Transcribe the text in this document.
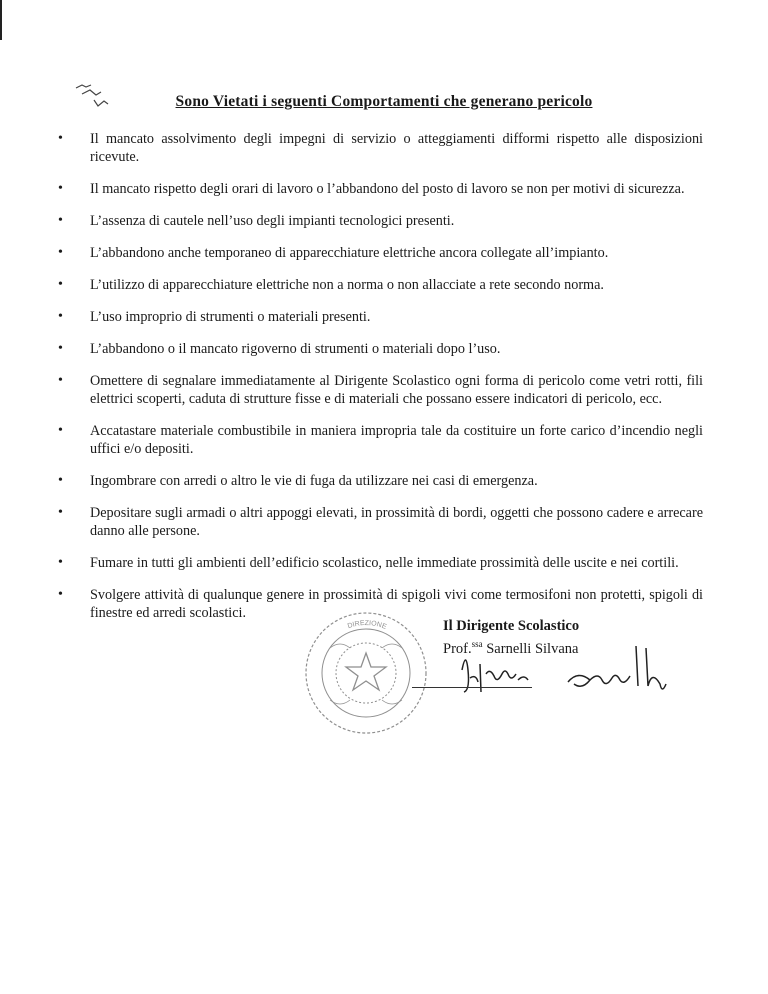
Sono Vietati i seguenti Comportamenti che generano pericolo
• Il mancato assolvimento degli impegni di servizio o atteggiamenti difformi rispetto alle disposizioni ricevute.
• Il mancato rispetto degli orari di lavoro o l’abbandono del posto di lavoro se non per motivi di sicurezza.
• L’assenza di cautele nell’uso degli impianti tecnologici presenti.
• L’abbandono anche temporaneo di apparecchiature elettriche ancora collegate all’impianto.
• L’utilizzo di apparecchiature elettriche non a norma o non allacciate a rete secondo norma.
• L’uso improprio di strumenti o materiali presenti.
• L’abbandono o il mancato rigoverno di strumenti o materiali dopo l’uso.
• Omettere di segnalare immediatamente al Dirigente Scolastico ogni forma di pericolo come vetri rotti, fili elettrici scoperti, caduta di strutture fisse e di materiali che possano essere indicatori di pericolo, ecc.
• Accatastare materiale combustibile in maniera impropria tale da costituire un forte carico d’incendio negli uffici e/o depositi.
• Ingombrare con arredi o altro le vie di fuga da utilizzare nei casi di emergenza.
• Depositare sugli armadi o altri appoggi elevati, in prossimità di bordi, oggetti che possono cadere e arrecare danno alle persone.
• Fumare in tutti gli ambienti dell’edificio scolastico, nelle immediate prossimità delle uscite e nei cortili.
• Svolgere attività di qualunque genere in prossimità di spigoli vivi come termosifoni non protetti, spigoli di finestre ed arredi scolastici.
DIREZIONE	Il Dirigente Scolastico
Prof.$^{ssa}$ Sarnelli Silvana
